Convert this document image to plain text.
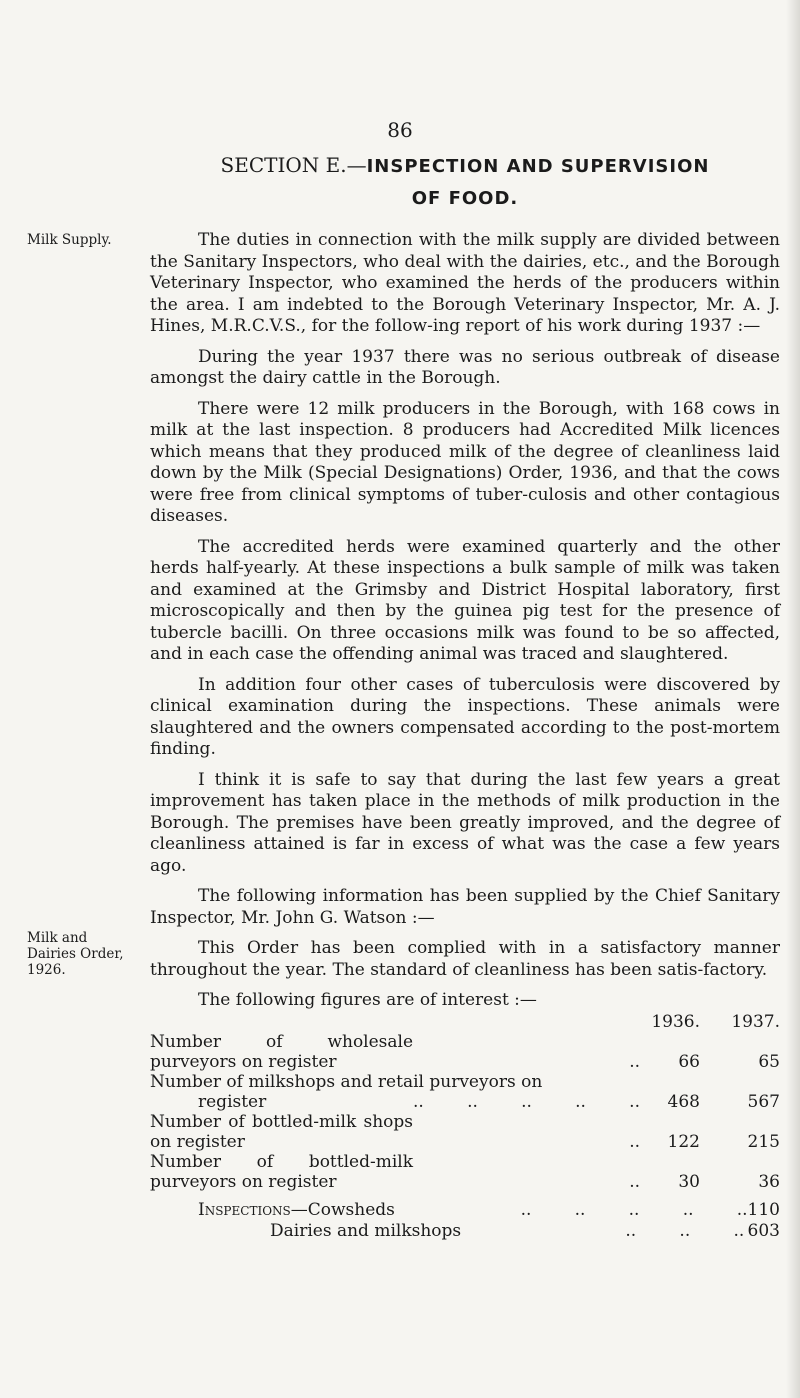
86
SECTION E.—INSPECTION AND SUPERVISION
OF FOOD.
Milk Supply.
Milk and Dairies Order, 1926.

The duties in connection with the milk supply are divided between the Sanitary Inspectors, who deal with the dairies, etc., and the Borough Veterinary Inspector, who examined the herds of the producers within the area. I am indebted to the Borough Veterinary Inspector, Mr. A. J. Hines, M.R.C.V.S., for the follow-ing report of his work during 1937 :—

During the year 1937 there was no serious outbreak of disease amongst the dairy cattle in the Borough.

There were 12 milk producers in the Borough, with 168 cows in milk at the last inspection. 8 producers had Accredited Milk licences which means that they produced milk of the degree of cleanliness laid down by the Milk (Special Designations) Order, 1936, and that the cows were free from clinical symptoms of tuber-culosis and other contagious diseases.

The accredited herds were examined quarterly and the other herds half-yearly. At these inspections a bulk sample of milk was taken and examined at the Grimsby and District Hospital laboratory, first microscopically and then by the guinea pig test for the presence of tubercle bacilli. On three occasions milk was found to be so affected, and in each case the offending animal was traced and slaughtered.

In addition four other cases of tuberculosis were discovered by clinical examination during the inspections. These animals were slaughtered and the owners compensated according to the post-mortem finding.

I think it is safe to say that during the last few years a great improvement has taken place in the methods of milk production in the Borough. The premises have been greatly improved, and the degree of cleanliness attained is far in excess of what was the case a few years ago.

The following information has been supplied by the Chief Sanitary Inspector, Mr. John G. Watson :—

This Order has been complied with in a satisfactory manner throughout the year. The standard of cleanliness has been satis-factory.

The following figures are of interest :—
		1936.	1937.
Number of wholesale purveyors on register	..	66	65
Number of milkshops and retail purveyors on			
register	..        ..        ..        ..        ..	468	567
Number of bottled-milk shops on register	..	122	215
Number of bottled-milk purveyors on register	..	30	36
Inspections—Cowsheds	..        ..        ..        ..        .. 110
Dairies and milkshops	..        ..        .. 603
